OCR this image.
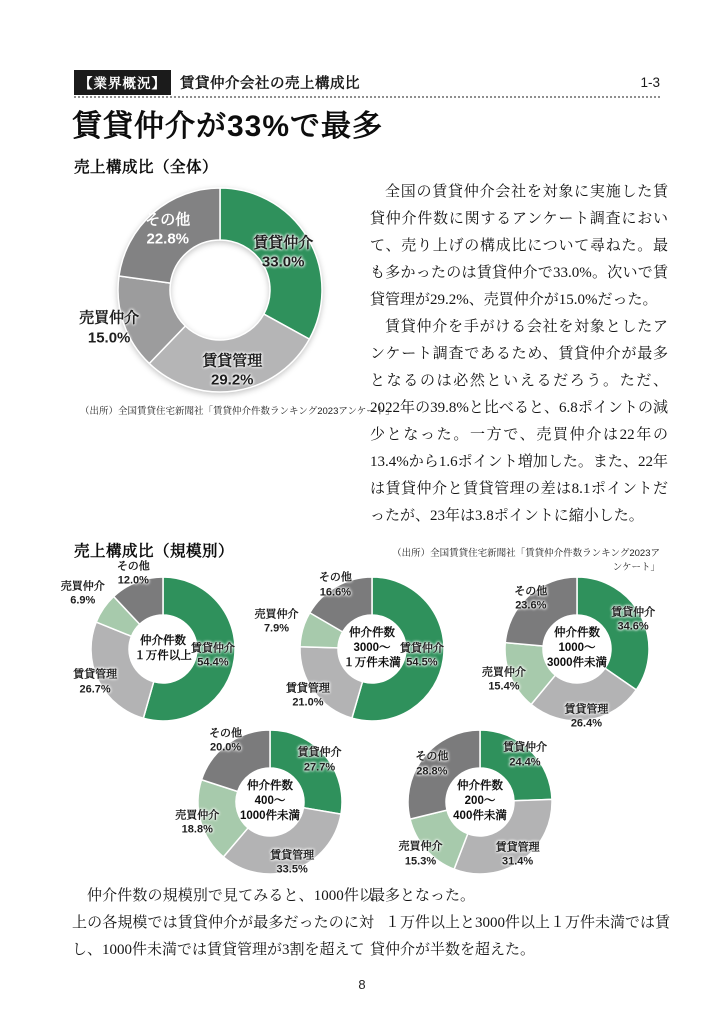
【業界概況】 賃貸仲介会社の売上構成比	1-3
賃貸仲介が33%で最多
売上構成比（全体）
賃貸仲介
33.0%
賃貸管理
29.2%
売買仲介
15.0%
その他
22.8%
（出所）全国賃貸住宅新聞社「賃貸仲介件数ランキング2023アンケート」

全国の賃貸仲介会社を対象に実施した賃貸仲介件数に関するアンケート調査において、売り上げの構成比について尋ねた。最も多かったのは賃貸仲介で33.0%。次いで賃貸管理が29.2%、売買仲介が15.0%だった。

賃貸仲介を手がける会社を対象としたアンケート調査であるため、賃貸仲介が最多となるのは必然といえるだろう。ただ、2022年の39.8%と比べると、6.8ポイントの減少となった。一方で、売買仲介は22年の13.4%から1.6ポイント増加した。また、22年は賃貸仲介と賃貸管理の差は8.1ポイントだったが、23年は3.8ポイントに縮小した。

売上構成比（規模別）	（出所）全国賃貸住宅新聞社「賃貸仲介件数ランキング2023アンケート」
賃貸仲介
54.4%
賃貸管理
26.7%
売買仲介
6.9%
その他
12.0%
仲介件数
１万件以上
賃貸仲介
54.5%
賃貸管理
21.0%
売買仲介
7.9%
その他
16.6%
仲介件数
3000〜
１万件未満
賃貸仲介
34.6%
賃貸管理
26.4%
売買仲介
15.4%
その他
23.6%
仲介件数
1000〜
3000件未満
賃貸仲介
27.7%
賃貸管理
33.5%
売買仲介
18.8%
その他
20.0%
仲介件数
400〜
1000件未満
賃貸仲介
24.4%
賃貸管理
31.4%
売買仲介
15.3%
その他
28.8%
仲介件数
200〜
400件未満

仲介件数の規模別で見てみると、1000件以上の各規模では賃貸仲介が最多だったのに対し、1000件未満では賃貸管理が3割を超えて

最多となった。

１万件以上と3000件以上１万件未満では賃貸仲介が半数を超えた。

8
